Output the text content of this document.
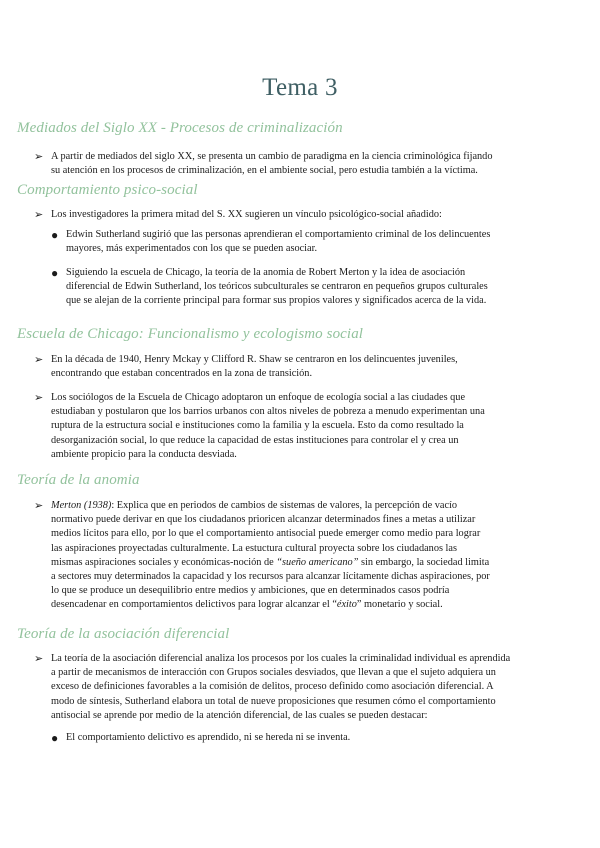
Tema 3
Mediados del Siglo XX - Procesos de criminalización
➢ A partir de mediados del siglo XX, se presenta un cambio de paradigma en la ciencia criminológica fijando
su atención en los procesos de criminalización, en el ambiente social, pero estudia también a la víctima.
Comportamiento psico-social
➢ Los investigadores la primera mitad del S. XX sugieren un vínculo psicológico-social añadido:
● Edwin Sutherland sugirió que las personas aprendieran el comportamiento criminal de los delincuentes
mayores, más experimentados con los que se pueden asociar.
● Siguiendo la escuela de Chicago, la teoría de la anomia de Robert Merton y la idea de asociación
diferencial de Edwin Sutherland, los teóricos subculturales se centraron en pequeños grupos culturales
que se alejan de la corriente principal para formar sus propios valores y significados acerca de la vida.
Escuela de Chicago: Funcionalismo y ecologismo social
➢ En la década de 1940, Henry Mckay y Clifford R. Shaw se centraron en los delincuentes juveniles,
encontrando que estaban concentrados en la zona de transición.
➢ Los sociólogos de la Escuela de Chicago adoptaron un enfoque de ecología social a las ciudades que
estudiaban y postularon que los barrios urbanos con altos niveles de pobreza a menudo experimentan una
ruptura de la estructura social e instituciones como la familia y la escuela. Esto da como resultado la
desorganización social, lo que reduce la capacidad de estas instituciones para controlar el y crea un
ambiente propicio para la conducta desviada.
Teoría de la anomia
➢ Merton (1938): Explica que en periodos de cambios de sistemas de valores, la percepción de vacío
normativo puede derivar en que los ciudadanos prioricen alcanzar determinados fines a metas a utilizar
medios lícitos para ello, por lo que el comportamiento antisocial puede emerger como medio para lograr
las aspiraciones proyectadas culturalmente. La estuctura cultural proyecta sobre los ciudadanos las
mismas aspiraciones sociales y económicas-noción de “sueño americano” sin embargo, la sociedad limita
a sectores muy determinados la capacidad y los recursos para alcanzar lícitamente dichas aspiraciones, por
lo que se produce un desequilibrio entre medios y ambiciones, que en determinados casos podría
desencadenar en comportamientos delictivos para lograr alcanzar el “éxito” monetario y social.
Teoría de la asociación diferencial
➢ La teoría de la asociación diferencial analiza los procesos por los cuales la criminalidad individual es aprendida
a partir de mecanismos de interacción con Grupos sociales desviados, que llevan a que el sujeto adquiera un
exceso de definiciones favorables a la comisión de delitos, proceso definido como asociación diferencial. A
modo de síntesis, Sutherland elabora un total de nueve proposiciones que resumen cómo el comportamiento
antisocial se aprende por medio de la atención diferencial, de las cuales se pueden destacar:
● El comportamiento delictivo es aprendido, ni se hereda ni se inventa.
